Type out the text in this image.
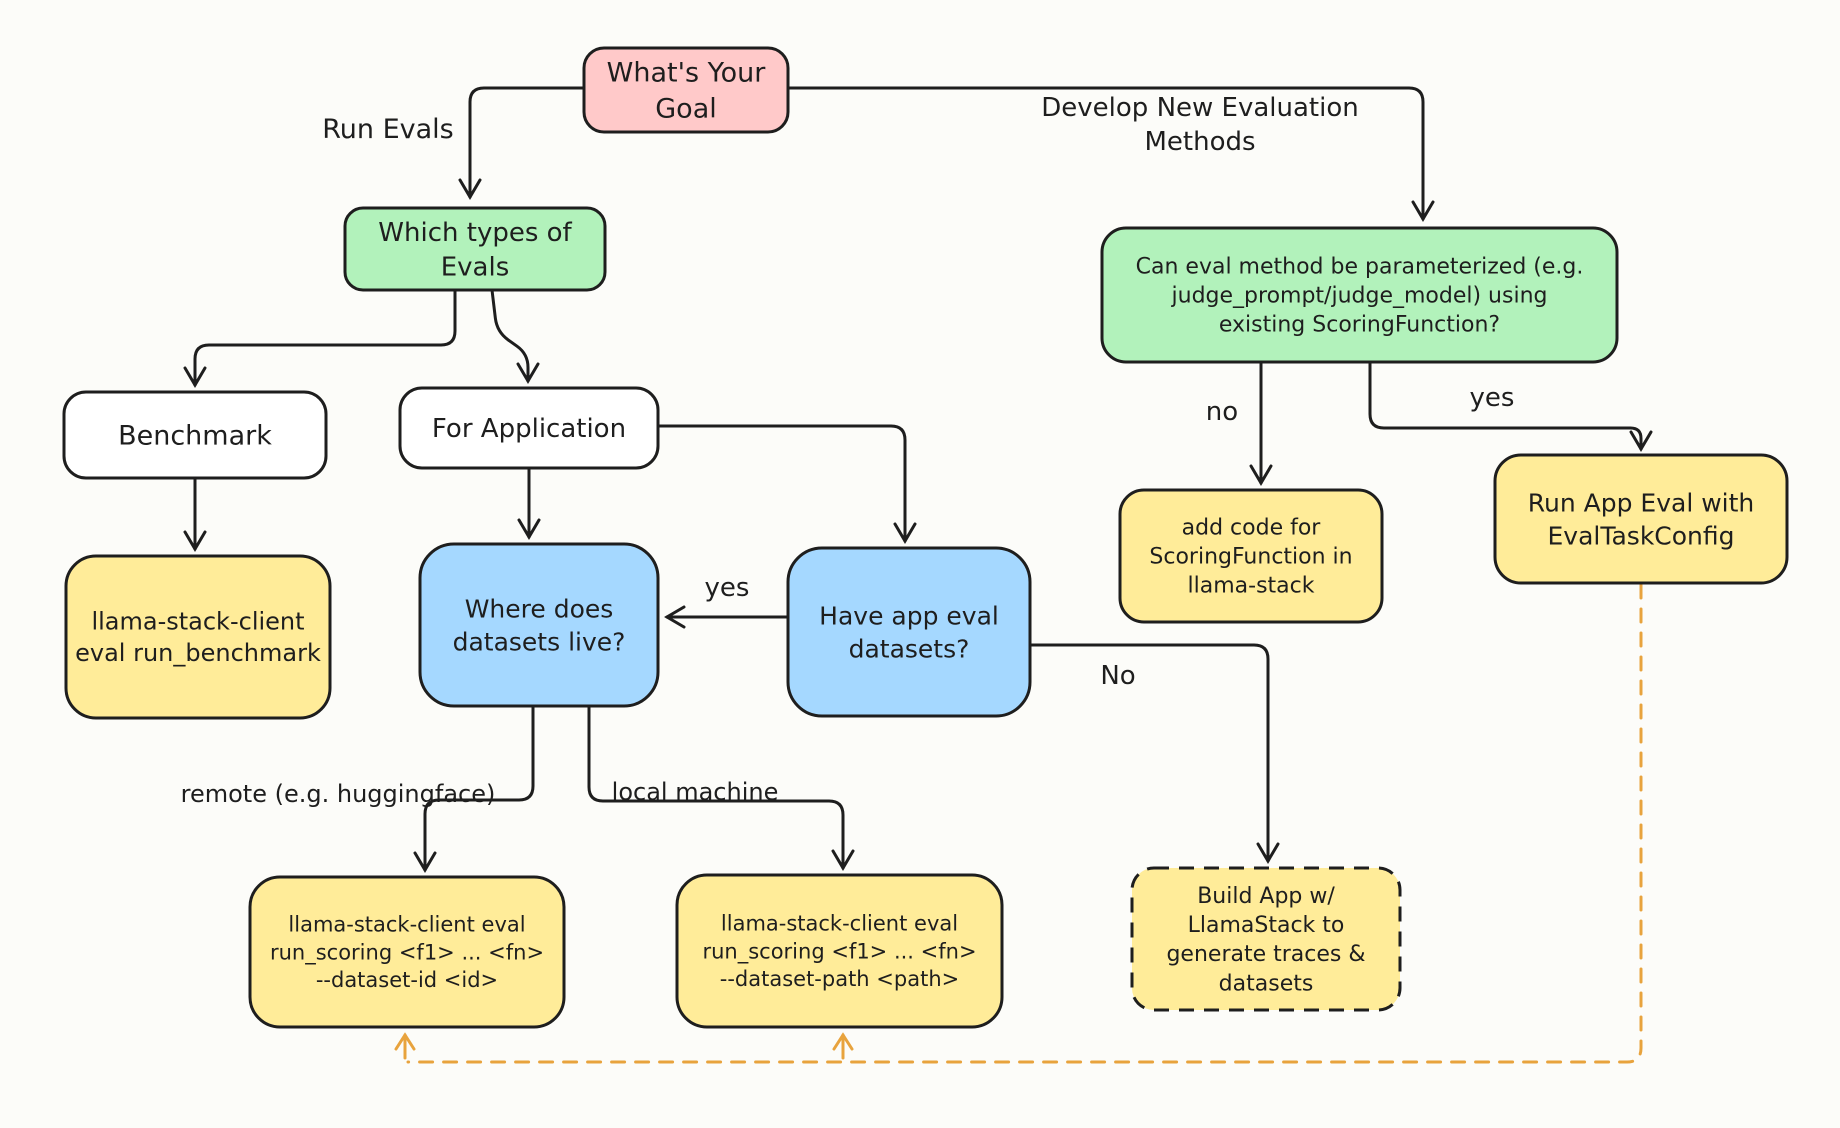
What's Your
Goal
Which types of
Evals
Benchmark	For Application
llama-stack-client
eval run_benchmark
Where does
datasets live?
Have app eval
datasets?
Can eval method be parameterized (e.g.
judge_prompt/judge_model) using
existing ScoringFunction?
add code for
ScoringFunction in
llama-stack
Run App Eval with
EvalTaskConfig
llama-stack-client eval
run_scoring <f1> ... <fn>
--dataset-id <id>
llama-stack-client eval
run_scoring <f1> ... <fn>
--dataset-path <path>
Build App w/
LlamaStack to
generate traces &
datasets
Run Evals
Develop New Evaluation
Methods
yes
remote (e.g. huggingface)	local machine
no	yes
No
